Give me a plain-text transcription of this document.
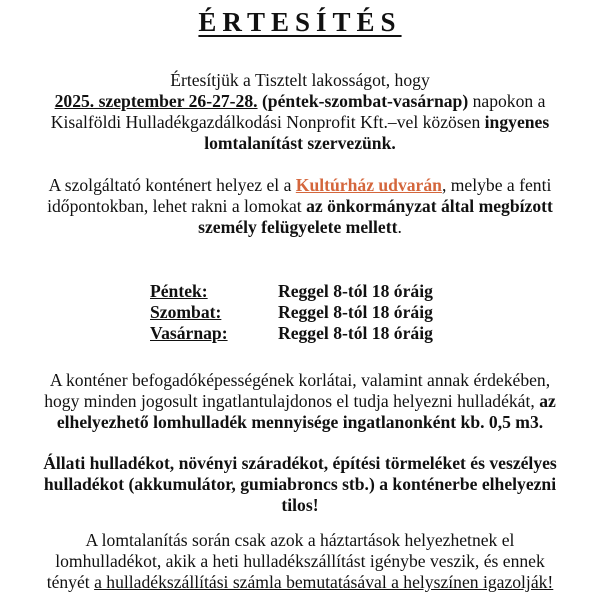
ÉRTESÍTÉS

Értesítjük a Tisztelt lakosságot, hogy
2025. szeptember 26-27-28. (péntek-szombat-vasárnap) napokon a
Kisalföldi Hulladékgazdálkodási Nonprofit Kft.–vel közösen ingyenes
lomtalanítást szervezünk.

A szolgáltató konténert helyez el a Kultúrház udvarán, melybe a fenti
időpontokban, lehet rakni a lomokat az önkormányzat által megbízott
személy felügyelete mellett.

Péntek:	Reggel 8-tól 18 óráig
Szombat:	Reggel 8-tól 18 óráig
Vasárnap:	Reggel 8-tól 18 óráig

A konténer befogadóképességének korlátai, valamint annak érdekében,
hogy minden jogosult ingatlantulajdonos el tudja helyezni hulladékát, az
elhelyezhető lomhulladék mennyisége ingatlanonként kb. 0,5 m3.

Állati hulladékot, növényi száradékot, építési törmeléket és veszélyes
hulladékot (akkumulátor, gumiabroncs stb.) a konténerbe elhelyezni
tilos!

A lomtalanítás során csak azok a háztartások helyezhetnek el
lomhulladékot, akik a heti hulladékszállítást igénybe veszik, és ennek
tényét a hulladékszállítási számla bemutatásával a helyszínen igazolják!
